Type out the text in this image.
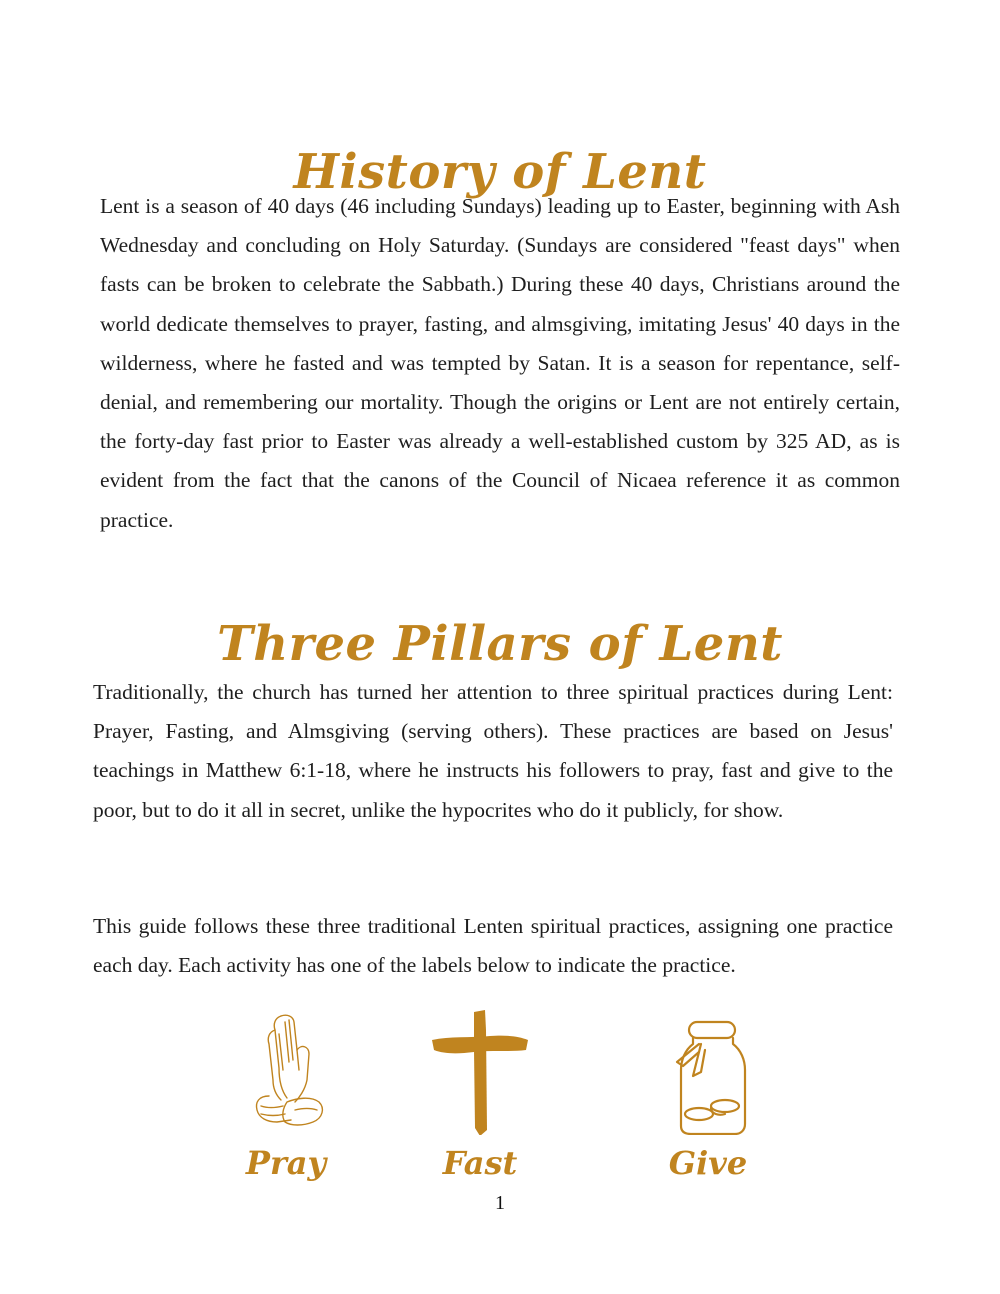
History of Lent

Lent is a season of 40 days (46 including Sundays) leading up to Easter, beginning with Ash Wednesday and concluding on Holy Saturday. (Sundays are considered "feast days" when fasts can be broken to celebrate the Sabbath.) During these 40 days, Christians around the world dedicate themselves to prayer, fasting, and almsgiving, imitating Jesus' 40 days in the wilderness, where he fasted and was tempted by Satan. It is a season for repentance, self-denial, and remembering our mortality. Though the origins or Lent are not entirely certain, the forty-day fast prior to Easter was already a well-established custom by 325 AD, as is evident from the fact that the canons of the Council of Nicaea reference it as common practice.

Three Pillars of Lent

Traditionally, the church has turned her attention to three spiritual practices during Lent: Prayer, Fasting, and Almsgiving (serving others). These practices are based on Jesus' teachings in Matthew 6:1-18, where he instructs his followers to pray, fast and give to the poor, but to do it all in secret, unlike the hypocrites who do it publicly, for show.

This guide follows these three traditional Lenten spiritual practices, assigning one practice each day. Each activity has one of the labels below to indicate the practice.

Pray	Fast	Give
1
